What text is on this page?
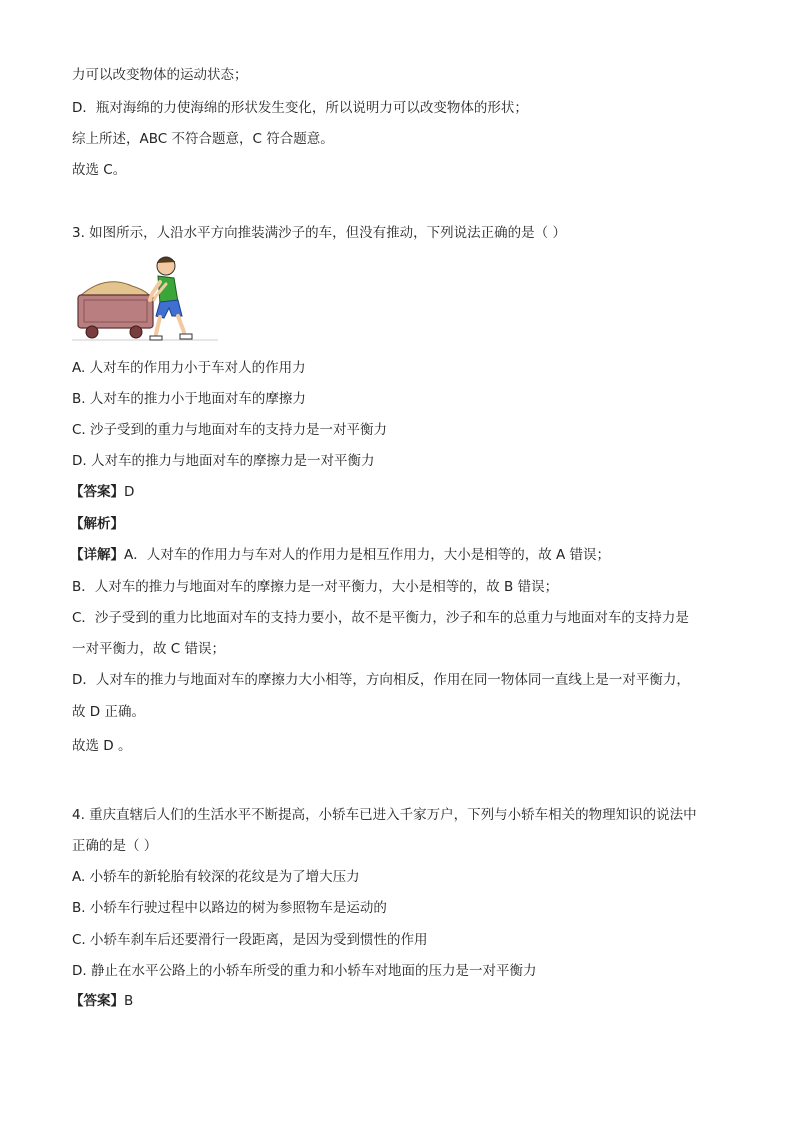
力可以改变物体的运动状态；
D．瓶对海绵的力使海绵的形状发生变化，所以说明力可以改变物体的形状；
综上所述，ABC 不符合题意，C 符合题意。
故选 C。
3. 如图所示，人沿水平方向推装满沙子的车，但没有推动，下列说法正确的是（ ）
A. 人对车的作用力小于车对人的作用力
B. 人对车的推力小于地面对车的摩擦力
C. 沙子受到的重力与地面对车的支持力是一对平衡力
D. 人对车的推力与地面对车的摩擦力是一对平衡力
【答案】D
【解析】
【详解】A．人对车的作用力与车对人的作用力是相互作用力，大小是相等的，故 A 错误；
B．人对车的推力与地面对车的摩擦力是一对平衡力，大小是相等的，故 B 错误；
C．沙子受到的重力比地面对车的支持力要小，故不是平衡力，沙子和车的总重力与地面对车的支持力是
一对平衡力，故 C 错误；
D．人对车的推力与地面对车的摩擦力大小相等，方向相反，作用在同一物体同一直线上是一对平衡力，
故 D 正确。
故选 D 。
4. 重庆直辖后人们的生活水平不断提高，小轿车已进入千家万户，下列与小轿车相关的物理知识的说法中
正确的是（ ）
A. 小轿车的新轮胎有较深的花纹是为了增大压力
B. 小轿车行驶过程中以路边的树为参照物车是运动的
C. 小轿车刹车后还要滑行一段距离，是因为受到惯性的作用
D. 静止在水平公路上的小轿车所受的重力和小轿车对地面的压力是一对平衡力
【答案】B
